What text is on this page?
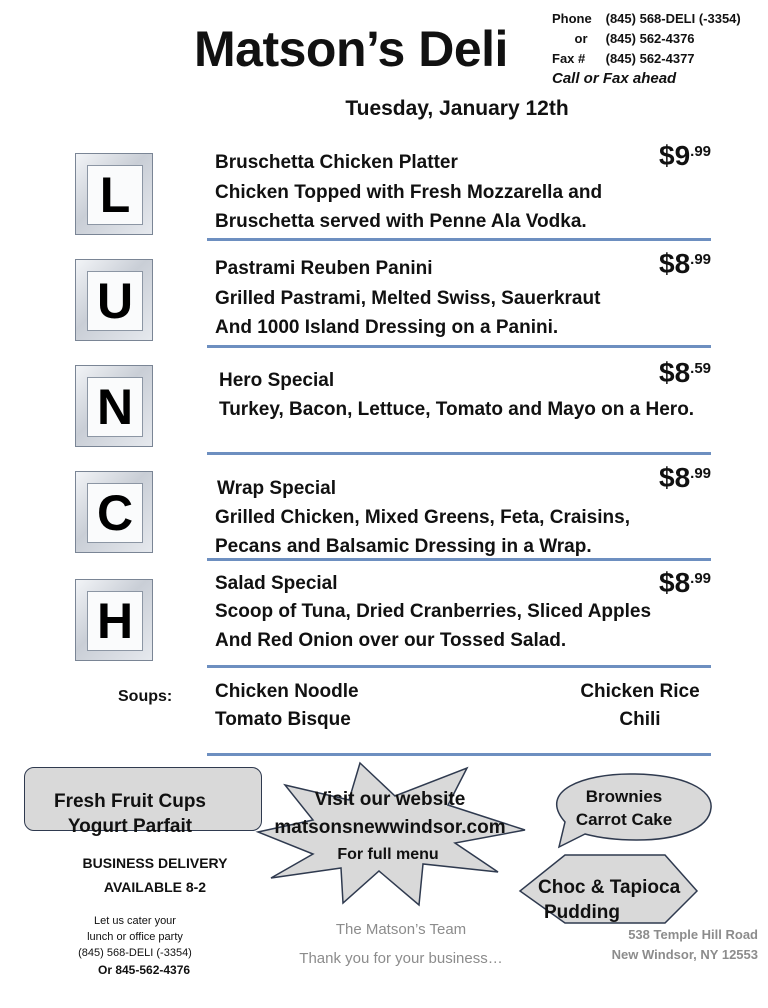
Matson’s Deli
Phone (845) 568-DELI (-3354)
or (845) 562-4376
Fax # (845) 562-4377
Call or Fax ahead
Tuesday, January 12th
L
U
N
C
H
Bruschetta Chicken Platter
Chicken Topped with Fresh Mozzarella and
Bruschetta served with Penne Ala Vodka.
$\$9^{.99}$
Pastrami Reuben Panini
Grilled Pastrami, Melted Swiss, Sauerkraut
And 1000 Island Dressing on a Panini.
$\$8^{.99}$
Hero Special
Turkey, Bacon, Lettuce, Tomato and Mayo on a Hero.
$\$8^{.59}$
Wrap Special
Grilled Chicken, Mixed Greens, Feta, Craisins,
Pecans and Balsamic Dressing in a Wrap.
$\$8^{.99}$
Salad Special
Scoop of Tuna, Dried Cranberries, Sliced Apples
And Red Onion over our Tossed Salad.
$\$8^{.99}$
Soups: Chicken Noodle
Tomato Bisque
Chicken Rice
Chili
Fresh Fruit Cups
Yogurt Parfait
Visit our website
matsonsnewwindsor.com
For full menu
Brownies
Carrot Cake
Choc & Tapioca
Pudding
BUSINESS DELIVERY
AVAILABLE 8-2
Let us cater your
lunch or office party
(845) 568-DELI (-3354)
Or 845-562-4376
The Matson’s Team
Thank you for your business…
538 Temple Hill Road
New Windsor, NY 12553
